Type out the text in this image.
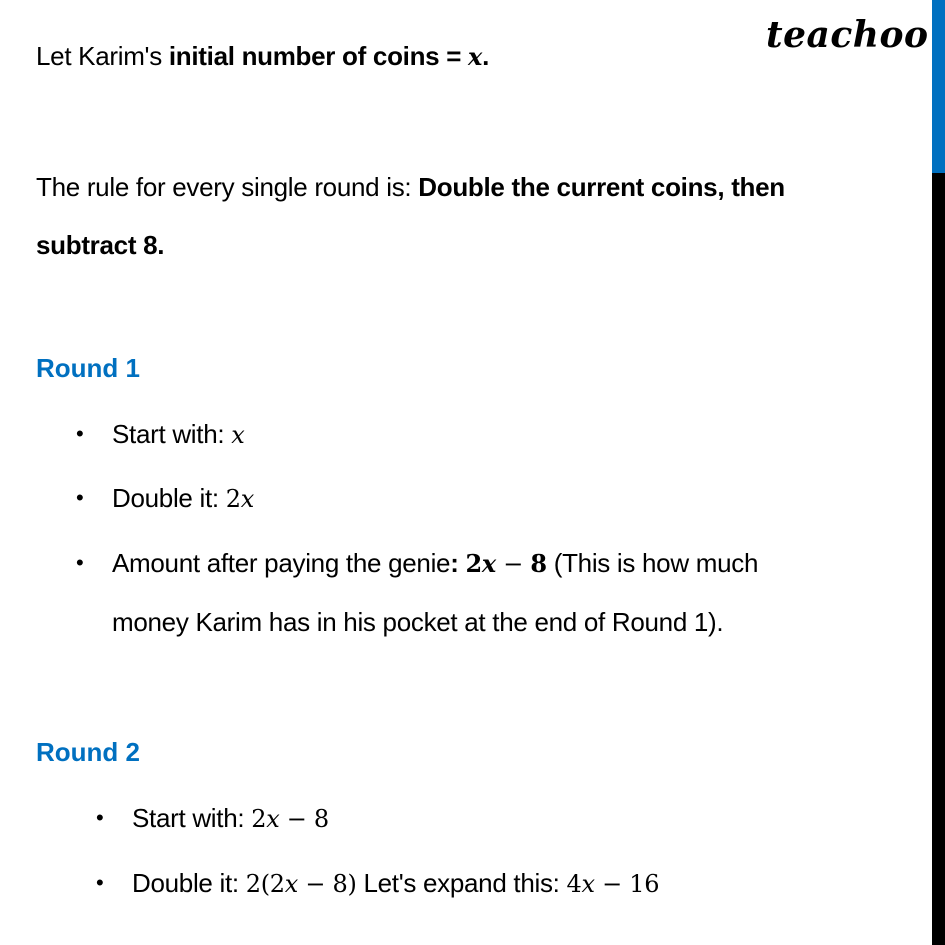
teachoo
Let Karim's initial number of coins = x.
The rule for every single round is: Double the current coins, then
subtract 8.
Round 1
• Start with: x
• Double it: 2x
• Amount after paying the genie: 2x − 8 (This is how much
money Karim has in his pocket at the end of Round 1).
Round 2
• Start with: 2x − 8
• Double it: 2(2x − 8) Let's expand this: 4x − 16
